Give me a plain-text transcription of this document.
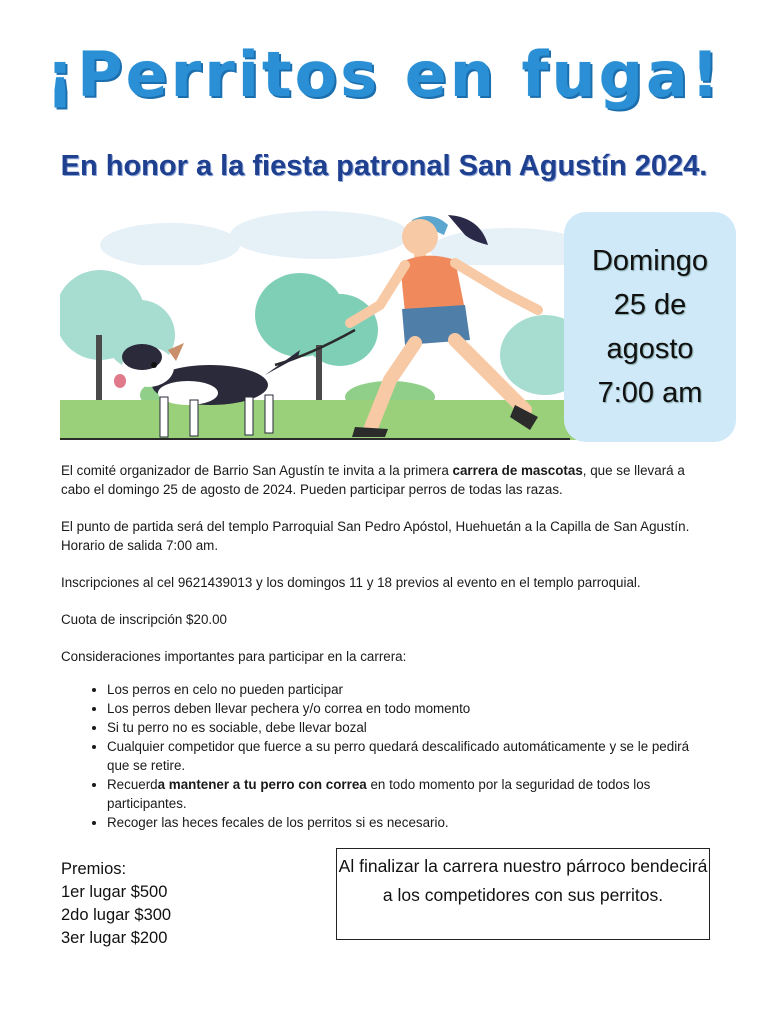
¡Perritos en fuga!
En honor a la fiesta patronal San Agustín 2024.
Domingo
25 de
agosto
7:00 am

El comité organizador de Barrio San Agustín te invita a la primera carrera de mascotas, que se llevará a cabo el domingo 25 de agosto de 2024. Pueden participar perros de todas las razas.

El punto de partida será del templo Parroquial San Pedro Apóstol, Huehuetán a la Capilla de San Agustín. Horario de salida 7:00 am.

Inscripciones al cel 9621439013 y los domingos 11 y 18 previos al evento en el templo parroquial.

Cuota de inscripción $20.00

Consideraciones importantes para participar en la carrera:

• Los perros en celo no pueden participar
• Los perros deben llevar pechera y/o correa en todo momento
• Si tu perro no es sociable, debe llevar bozal
• Cualquier competidor que fuerce a su perro quedará descalificado automáticamente y se le pedirá que se retire.
• Recuerda mantener a tu perro con correa en todo momento por la seguridad de todos los participantes.
• Recoger las heces fecales de los perritos si es necesario.
Premios:
1er lugar $500
2do lugar $300
3er lugar $200
Al finalizar la carrera nuestro párroco bendecirá a los competidores con sus perritos.
